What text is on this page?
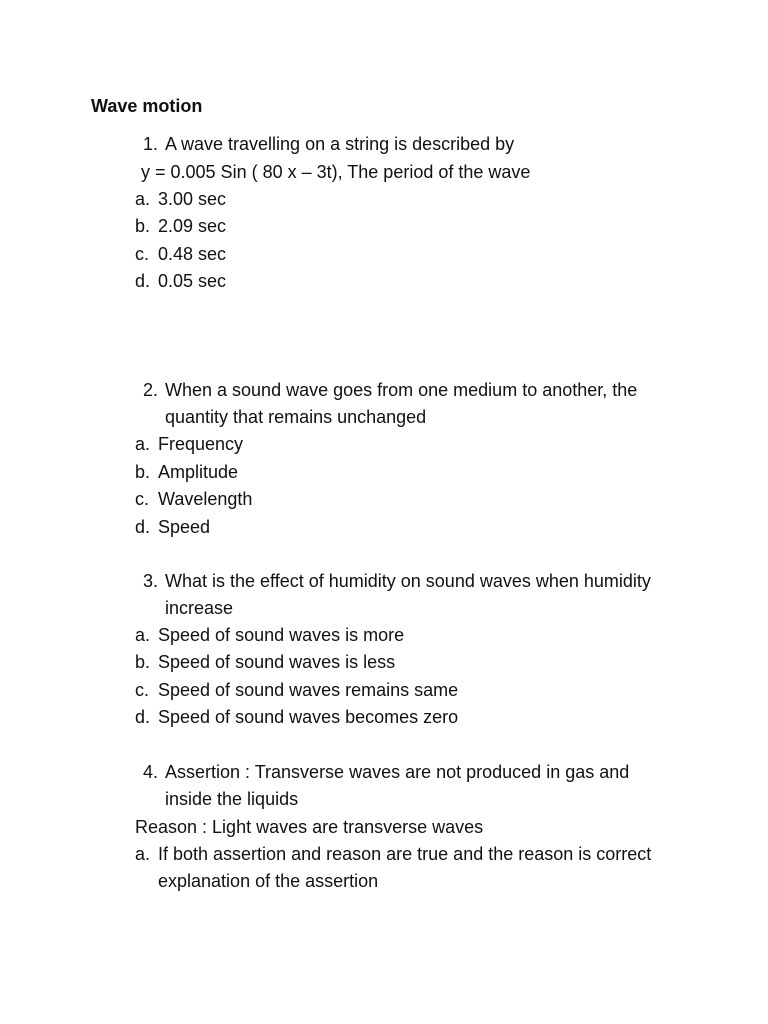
Wave motion
1. A wave travelling on a string is described by
y = 0.005 Sin ( 80 x – 3t), The period of the wave
a. 3.00 sec
b. 2.09 sec
c. 0.48 sec
d. 0.05 sec
2. When a sound wave goes from one medium to another, the
quantity that remains unchanged
a. Frequency
b. Amplitude
c. Wavelength
d. Speed
3. What is the effect of humidity on sound waves when humidity
increase
a. Speed of sound waves is more
b. Speed of sound waves is less
c. Speed of sound waves remains same
d. Speed of sound waves becomes zero
4. Assertion : Transverse waves are not produced in gas and
inside the liquids
Reason : Light waves are transverse waves
a. If both assertion and reason are true and the reason is correct
explanation of the assertion
